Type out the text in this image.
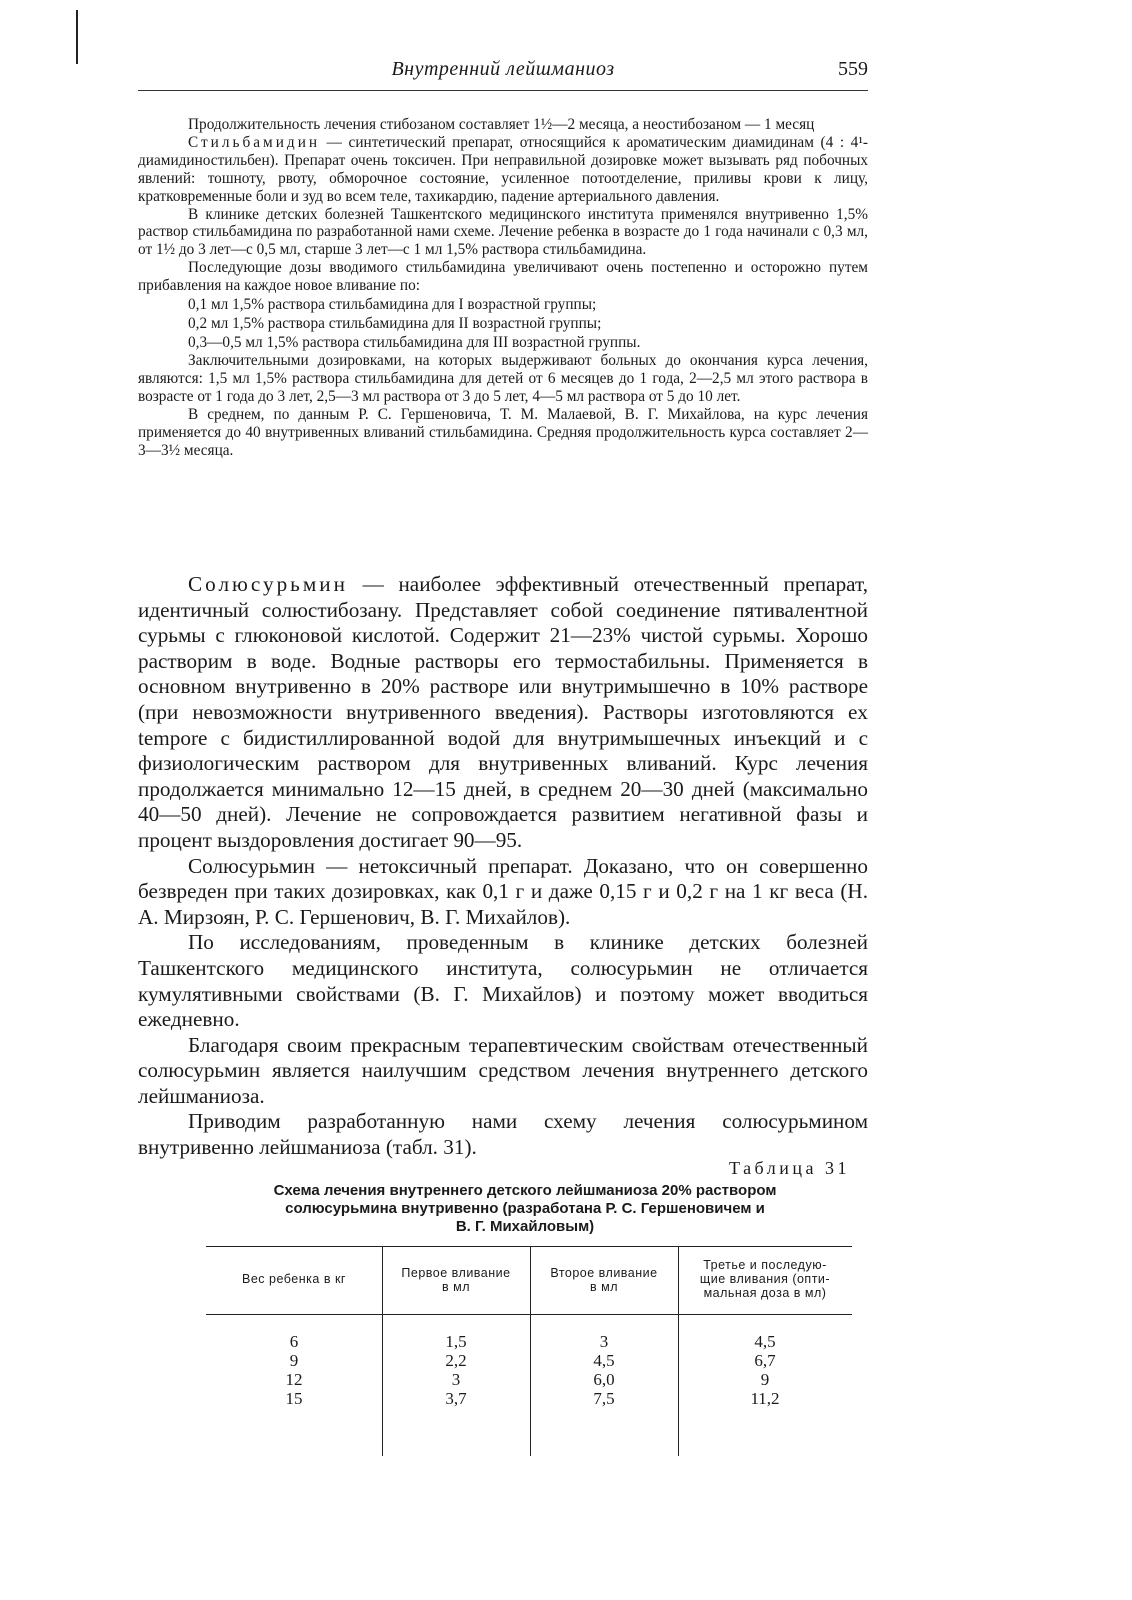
Внутренний лейшманиоз	559

Продолжительность лечения стибозаном составляет 1½—2 месяца, а неостибозаном — 1 месяц

Стильбамидин — синтетический препарат, относящийся к ароматическим диамидинам (4 : 4¹-диамидиностильбен). Препарат очень токсичен. При неправильной дозировке может вызывать ряд побочных явлений: тошноту, рвоту, обморочное состояние, усиленное потоотделение, приливы крови к лицу, кратковременные боли и зуд во всем теле, тахикардию, падение артериального давления.

В клинике детских болезней Ташкентского медицинского института применялся внутривенно 1,5% раствор стильбамидина по разработанной нами схеме. Лечение ребенка в возрасте до 1 года начинали с 0,3 мл, от 1½ до 3 лет—с 0,5 мл, старше 3 лет—с 1 мл 1,5% раствора стильбамидина.

Последующие дозы вводимого стильбамидина увеличивают очень постепенно и осторожно путем прибавления на каждое новое вливание по:

0,1 мл 1,5% раствора стильбамидина для I возрастной группы;

0,2 мл 1,5% раствора стильбамидина для II возрастной группы;

0,3—0,5 мл 1,5% раствора стильбамидина для III возрастной группы.

Заключительными дозировками, на которых выдерживают больных до окончания курса лечения, являются: 1,5 мл 1,5% раствора стильбамидина для детей от 6 месяцев до 1 года, 2—2,5 мл этого раствора в возрасте от 1 года до 3 лет, 2,5—3 мл раствора от 3 до 5 лет, 4—5 мл раствора от 5 до 10 лет.

В среднем, по данным Р. С. Гершеновича, Т. М. Малаевой, В. Г. Михайлова, на курс лечения применяется до 40 внутривенных вливаний стильбамидина. Средняя продолжительность курса составляет 2—3—3½ месяца.

Солюсурьмин — наиболее эффективный отечественный препарат, идентичный солюстибозану. Представляет собой соединение пятивалентной сурьмы с глюконовой кислотой. Содержит 21—23% чистой сурьмы. Хорошо растворим в воде. Водные растворы его термостабильны. Применяется в основном внутривенно в 20% растворе или внутримышечно в 10% растворе (при невозможности внутривенного введения). Растворы изготовляются ex tempore с бидистиллированной водой для внутримышечных инъекций и с физиологическим раствором для внутривенных вливаний. Курс лечения продолжается минимально 12—15 дней, в среднем 20—30 дней (максимально 40—50 дней). Лечение не сопровождается развитием негативной фазы и процент выздоровления достигает 90—95.

Солюсурьмин — нетоксичный препарат. Доказано, что он совершенно безвреден при таких дозировках, как 0,1 г и даже 0,15 г и 0,2 г на 1 кг веса (Н. А. Мирзоян, Р. С. Гершенович, В. Г. Михайлов).

По исследованиям, проведенным в клинике детских болезней Ташкентского медицинского института, солюсурьмин не отличается кумулятивными свойствами (В. Г. Михайлов) и поэтому может вводиться ежедневно.

Благодаря своим прекрасным терапевтическим свойствам отечественный солюсурьмин является наилучшим средством лечения внутреннего детского лейшманиоза.

Приводим разработанную нами схему лечения солюсурьмином внутривенно лейшманиоза (табл. 31).

Таблица 31
Схема лечения внутреннего детского лейшманиоза 20% раствором
солюсурьмина внутривенно (разработана Р. С. Гершеновичем и
В. Г. Михайловым)
Вес ребенка в кг	Первое вливание
в мл
Второе вливание
в мл
Третье и последую-
щие вливания (опти-
мальная доза в мл)
6
9
12
15
1,5
2,2
3
3,7
3
4,5
6,0
7,5
4,5
6,7
9
11,2
